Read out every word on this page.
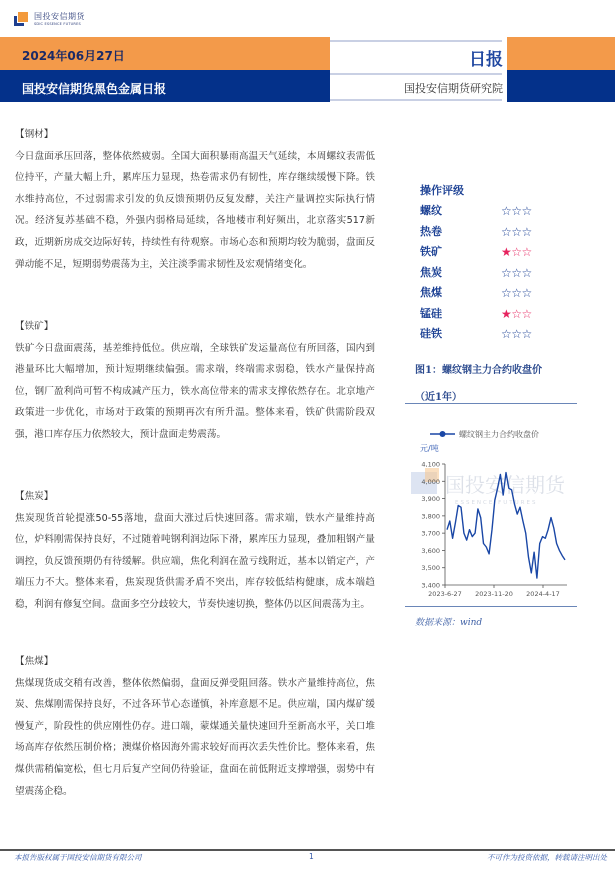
国投安信期货
SDIC ESSENCE FUTURES
2024年06月27日
国投安信期货黑色金属日报
日报
国投安信期货研究院
【钢材】
今日盘面承压回落，整体依然疲弱。全国大面积暴雨高温天气延续，本周螺纹表需低位持平，产量大幅上升，累库压力显现，热卷需求仍有韧性，库存继续缓慢下降。铁水维持高位，不过弱需求引发的负反馈预期仍反复发酵，关注产量调控实际执行情况。经济复苏基础不稳，外强内弱格局延续，各地楼市利好频出，北京落实517新政，近期新房成交边际好转，持续性有待观察。市场心态和预期均较为脆弱，盘面反弹动能不足，短期弱势震荡为主，关注淡季需求韧性及宏观情绪变化。
【铁矿】
铁矿今日盘面震荡，基差维持低位。供应端，全球铁矿发运量高位有所回落，国内到港量环比大幅增加，预计短期继续偏强。需求端，终端需求弱稳，铁水产量保持高位，钢厂盈利尚可暂不构成减产压力，铁水高位带来的需求支撑依然存在。北京地产政策进一步优化，市场对于政策的预期再次有所升温。整体来看，铁矿供需阶段双强，港口库存压力依然较大，预计盘面走势震荡。
【焦炭】
焦炭现货首轮提涨50-55落地，盘面大涨过后快速回落。需求端，铁水产量维持高位，炉料刚需保持良好，不过随着吨钢利润边际下滑，累库压力显现，叠加粗钢产量调控，负反馈预期仍有待缓解。供应端，焦化利润在盈亏线附近，基本以销定产，产端压力不大。整体来看，焦炭现货供需矛盾不突出，库存较低结构健康，成本端趋稳，利润有修复空间。盘面多空分歧较大，节奏快速切换，整体仍以区间震荡为主。
【焦煤】
焦煤现货成交稍有改善，整体依然偏弱，盘面反弹受阻回落。铁水产量维持高位，焦炭、焦煤刚需保持良好，不过各环节心态谨慎，补库意愿不足。供应端，国内煤矿缓慢复产，阶段性的供应刚性仍存。进口端，蒙煤通关量快速回升至新高水平，关口堆场高库存依然压制价格；澳煤价格因海外需求较好而再次丢失性价比。整体来看，焦煤供需稍偏宽松，但七月后复产空间仍待验证，盘面在前低附近支撑增强，弱势中有望震荡企稳。
操作评级
螺纹	☆☆☆
热卷	☆☆☆
铁矿	★☆☆
焦炭	☆☆☆
焦煤	☆☆☆
锰硅	★☆☆
硅铁	☆☆☆
图1：螺纹钢主力合约收盘价
（近1年）
国投安信期货
ESSENCE FUTURES
螺纹钢主力合约收盘价
元/吨
3,400
3,500
3,600
3,700
3,800
3,900
4,000
4,100
2023-6-27 2023-11-20 2024-4-17
数据来源：wind
本报告版权属于国投安信期货有限公司	1	不可作为投资依据，转载请注明出处
